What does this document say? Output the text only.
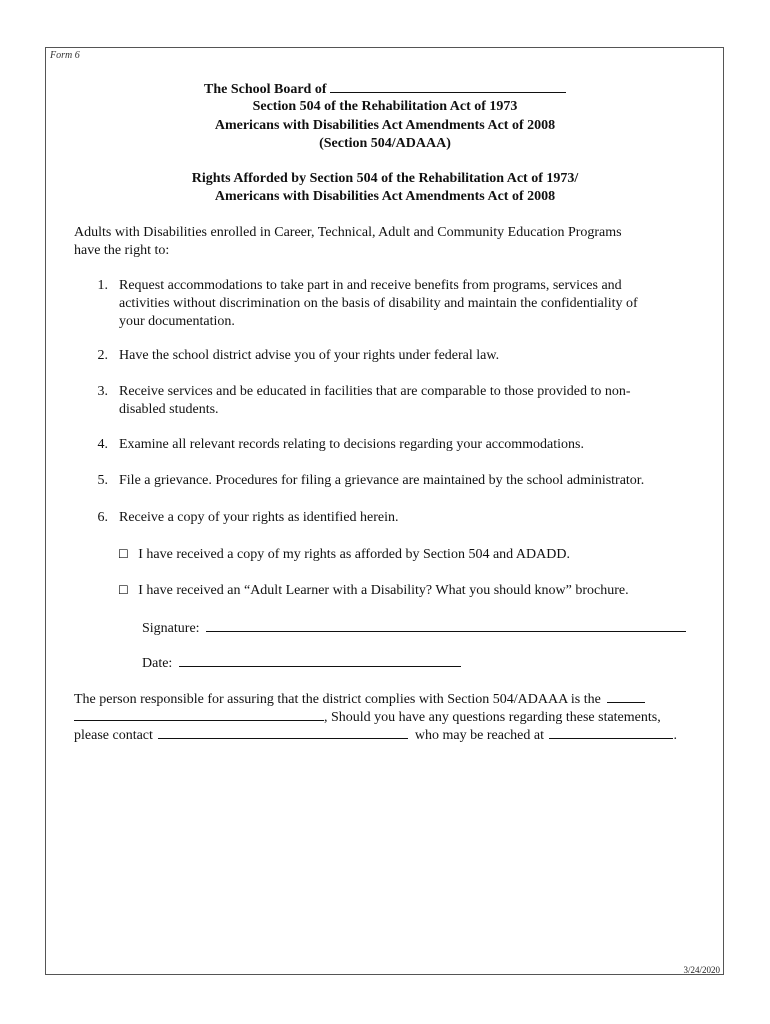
Form 6
The School Board of
Section 504 of the Rehabilitation Act of 1973
Americans with Disabilities Act Amendments Act of 2008
(Section 504/ADAAA)
Rights Afforded by Section 504 of the Rehabilitation Act of 1973/
Americans with Disabilities Act Amendments Act of 2008
Adults with Disabilities enrolled in Career, Technical, Adult and Community Education Programs
have the right to:
1. Request accommodations to take part in and receive benefits from programs, services and
activities without discrimination on the basis of disability and maintain the confidentiality of
your documentation.
2. Have the school district advise you of your rights under federal law.
3. Receive services and be educated in facilities that are comparable to those provided to non-
disabled students.
4. Examine all relevant records relating to decisions regarding your accommodations.
5. File a grievance. Procedures for filing a grievance are maintained by the school administrator.
6. Receive a copy of your rights as identified herein.
☐ I have received a copy of my rights as afforded by Section 504 and ADADD.
☐ I have received an “Adult Learner with a Disability? What you should know” brochure.
Signature:
Date:
The person responsible for assuring that the district complies with Section 504/ADAAA is the
, Should you have any questions regarding these statements,
please contact	who may be reached at	.
3/24/2020
